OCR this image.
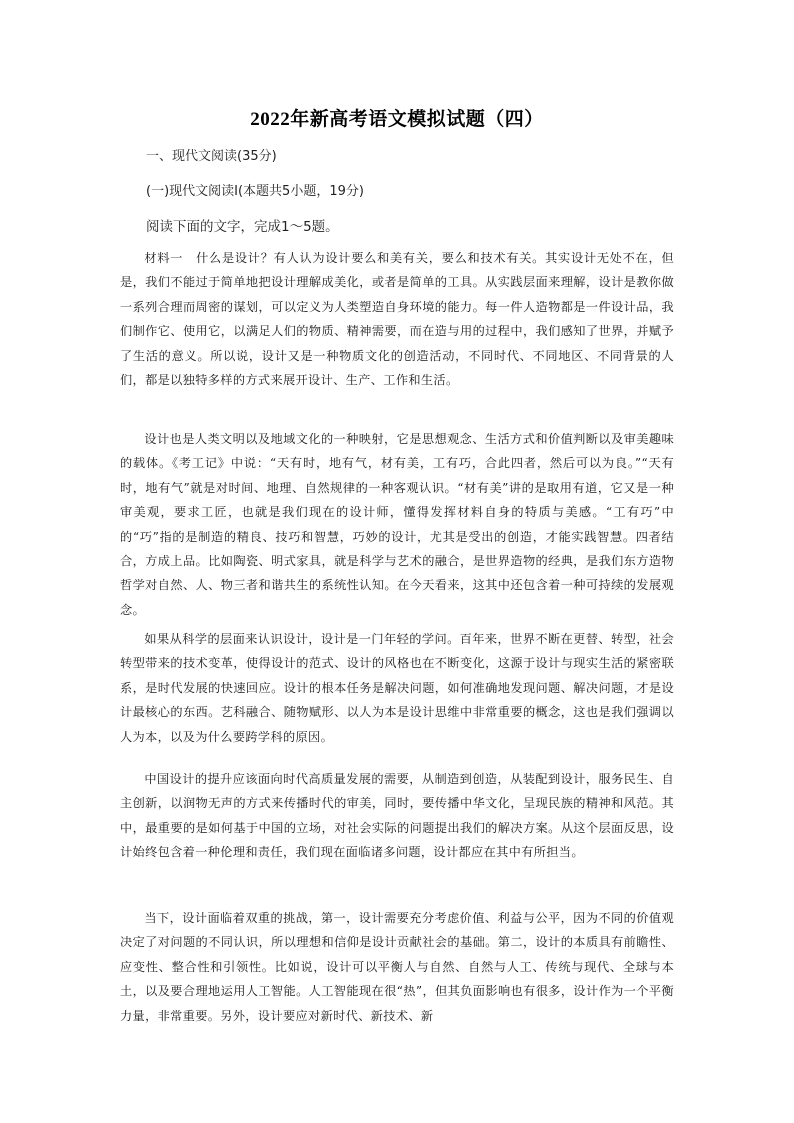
2022年新高考语文模拟试题（四）
一、现代文阅读(35分)
(一)现代文阅读Ⅰ(本题共5小题，19分)
阅读下面的文字，完成1～5题。

材料一　什么是设计？有人认为设计要么和美有关，要么和技术有关。其实设计无处不在，但是，我们不能过于简单地把设计理解成美化，或者是简单的工具。从实践层面来理解，设计是教你做一系列合理而周密的谋划，可以定义为人类塑造自身环境的能力。每一件人造物都是一件设计品，我们制作它、使用它，以满足人们的物质、精神需要，而在造与用的过程中，我们感知了世界，并赋予了生活的意义。所以说，设计又是一种物质文化的创造活动，不同时代、不同地区、不同背景的人们，都是以独特多样的方式来展开设计、生产、工作和生活。

设计也是人类文明以及地域文化的一种映射，它是思想观念、生活方式和价值判断以及审美趣味的载体。《考工记》中说：“天有时，地有气，材有美，工有巧，合此四者，然后可以为良。”“天有时，地有气”就是对时间、地理、自然规律的一种客观认识。“材有美”讲的是取用有道，它又是一种审美观，要求工匠，也就是我们现在的设计师，懂得发挥材料自身的特质与美感。“工有巧”中的“巧”指的是制造的精良、技巧和智慧，巧妙的设计，尤其是受出的创造，才能实践智慧。四者结合，方成上品。比如陶瓷、明式家具，就是科学与艺术的融合，是世界造物的经典，是我们东方造物哲学对自然、人、物三者和谐共生的系统性认知。在今天看来，这其中还包含着一种可持续的发展观念。

如果从科学的层面来认识设计，设计是一门年轻的学问。百年来，世界不断在更替、转型，社会转型带来的技术变革，使得设计的范式、设计的风格也在不断变化，这源于设计与现实生活的紧密联系，是时代发展的快速回应。设计的根本任务是解决问题，如何准确地发现问题、解决问题，才是设计最核心的东西。艺科融合、随物赋形、以人为本是设计思维中非常重要的概念，这也是我们强调以人为本，以及为什么要跨学科的原因。

中国设计的提升应该面向时代高质量发展的需要，从制造到创造，从装配到设计，服务民生、自主创新，以润物无声的方式来传播时代的审美，同时，要传播中华文化，呈现民族的精神和风范。其中，最重要的是如何基于中国的立场，对社会实际的问题提出我们的解决方案。从这个层面反思，设计始终包含着一种伦理和责任，我们现在面临诸多问题，设计都应在其中有所担当。

当下，设计面临着双重的挑战，第一，设计需要充分考虑价值、利益与公平，因为不同的价值观决定了对问题的不同认识，所以理想和信仰是设计贡献社会的基础。第二，设计的本质具有前瞻性、应变性、整合性和引领性。比如说，设计可以平衡人与自然、自然与人工、传统与现代、全球与本土，以及要合理地运用人工智能。人工智能现在很“热”，但其负面影响也有很多，设计作为一个平衡力量，非常重要。另外，设计要应对新时代、新技术、新
